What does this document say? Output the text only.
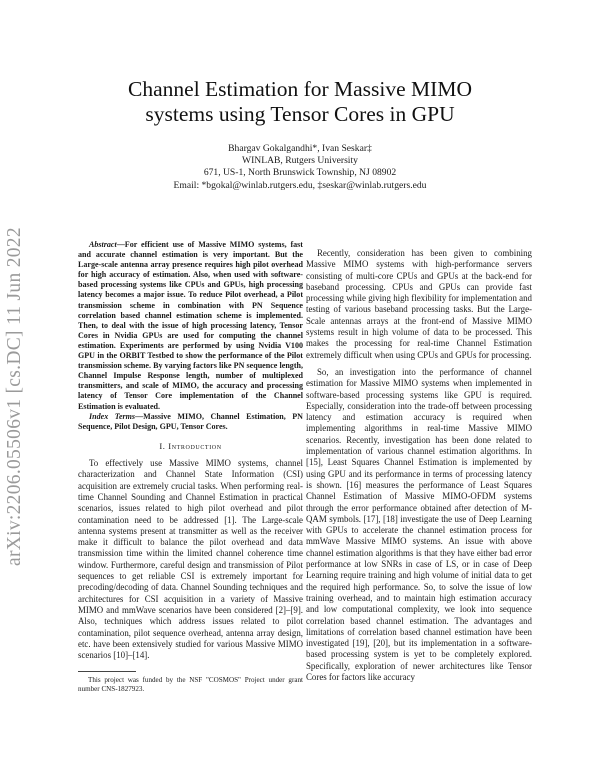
arXiv:2206.05506v1 [cs.DC] 11 Jun 2022
Channel Estimation for Massive MIMO
systems using Tensor Cores in GPU
Bhargav Gokalgandhi*, Ivan Seskar‡
WINLAB, Rutgers University
671, US-1, North Brunswick Township, NJ 08902
Email: *bgokal@winlab.rutgers.edu, ‡seskar@winlab.rutgers.edu

Abstract—For efficient use of Massive MIMO systems, fast and accurate channel estimation is very important. But the Large-scale antenna array presence requires high pilot overhead for high accuracy of estimation. Also, when used with software-based processing systems like CPUs and GPUs, high processing latency becomes a major issue. To reduce Pilot overhead, a Pilot transmission scheme in combination with PN Sequence correlation based channel estimation scheme is implemented. Then, to deal with the issue of high processing latency, Tensor Cores in Nvidia GPUs are used for computing the channel estimation. Experiments are performed by using Nvidia V100 GPU in the ORBIT Testbed to show the performance of the Pilot transmission scheme. By varying factors like PN sequence length, Channel Impulse Response length, number of multiplexed transmitters, and scale of MIMO, the accuracy and processing latency of Tensor Core implementation of the Channel Estimation is evaluated.

Index Terms—Massive MIMO, Channel Estimation, PN Sequence, Pilot Design, GPU, Tensor Cores.

I. Introduction

To effectively use Massive MIMO systems, channel characterization and Channel State Information (CSI) acquisition are extremely crucial tasks. When performing real-time Channel Sounding and Channel Estimation in practical scenarios, issues related to high pilot overhead and pilot contamination need to be addressed [1]. The Large-scale antenna systems present at transmitter as well as the receiver make it difficult to balance the pilot overhead and data transmission time within the limited channel coherence time window. Furthermore, careful design and transmission of Pilot sequences to get reliable CSI is extremely important for precoding/decoding of data. Channel Sounding techniques and architectures for CSI acquisition in a variety of Massive MIMO and mmWave scenarios have been considered [2]–[9]. Also, techniques which address issues related to pilot contamination, pilot sequence overhead, antenna array design, etc. have been extensively studied for various Massive MIMO scenarios [10]–[14].

This project was funded by the NSF "COSMOS" Project under grant number CNS-1827923.

Recently, consideration has been given to combining Massive MIMO systems with high-performance servers consisting of multi-core CPUs and GPUs at the back-end for baseband processing. CPUs and GPUs can provide fast processing while giving high flexibility for implementation and testing of various baseband processing tasks. But the Large-Scale antennas arrays at the front-end of Massive MIMO systems result in high volume of data to be processed. This makes the processing for real-time Channel Estimation extremely difficult when using CPUs and GPUs for processing.

So, an investigation into the performance of channel estimation for Massive MIMO systems when implemented in software-based processing systems like GPU is required. Especially, consideration into the trade-off between processing latency and estimation accuracy is required when implementing algorithms in real-time Massive MIMO scenarios. Recently, investigation has been done related to implementation of various channel estimation algorithms. In [15], Least Squares Channel Estimation is implemented by using GPU and its performance in terms of processing latency is shown. [16] measures the performance of Least Squares Channel Estimation of Massive MIMO-OFDM systems through the error performance obtained after detection of M-QAM symbols. [17], [18] investigate the use of Deep Learning with GPUs to accelerate the channel estimation process for mmWave Massive MIMO systems. An issue with above channel estimation algorithms is that they have either bad error performance at low SNRs in case of LS, or in case of Deep Learning require training and high volume of initial data to get the required high performance. So, to solve the issue of low training overhead, and to maintain high estimation accuracy and low computational complexity, we look into sequence correlation based channel estimation. The advantages and limitations of correlation based channel estimation have been investigated [19], [20], but its implementation in a software-based processing system is yet to be completely explored. Specifically, exploration of newer architectures like Tensor Cores for factors like accuracy
